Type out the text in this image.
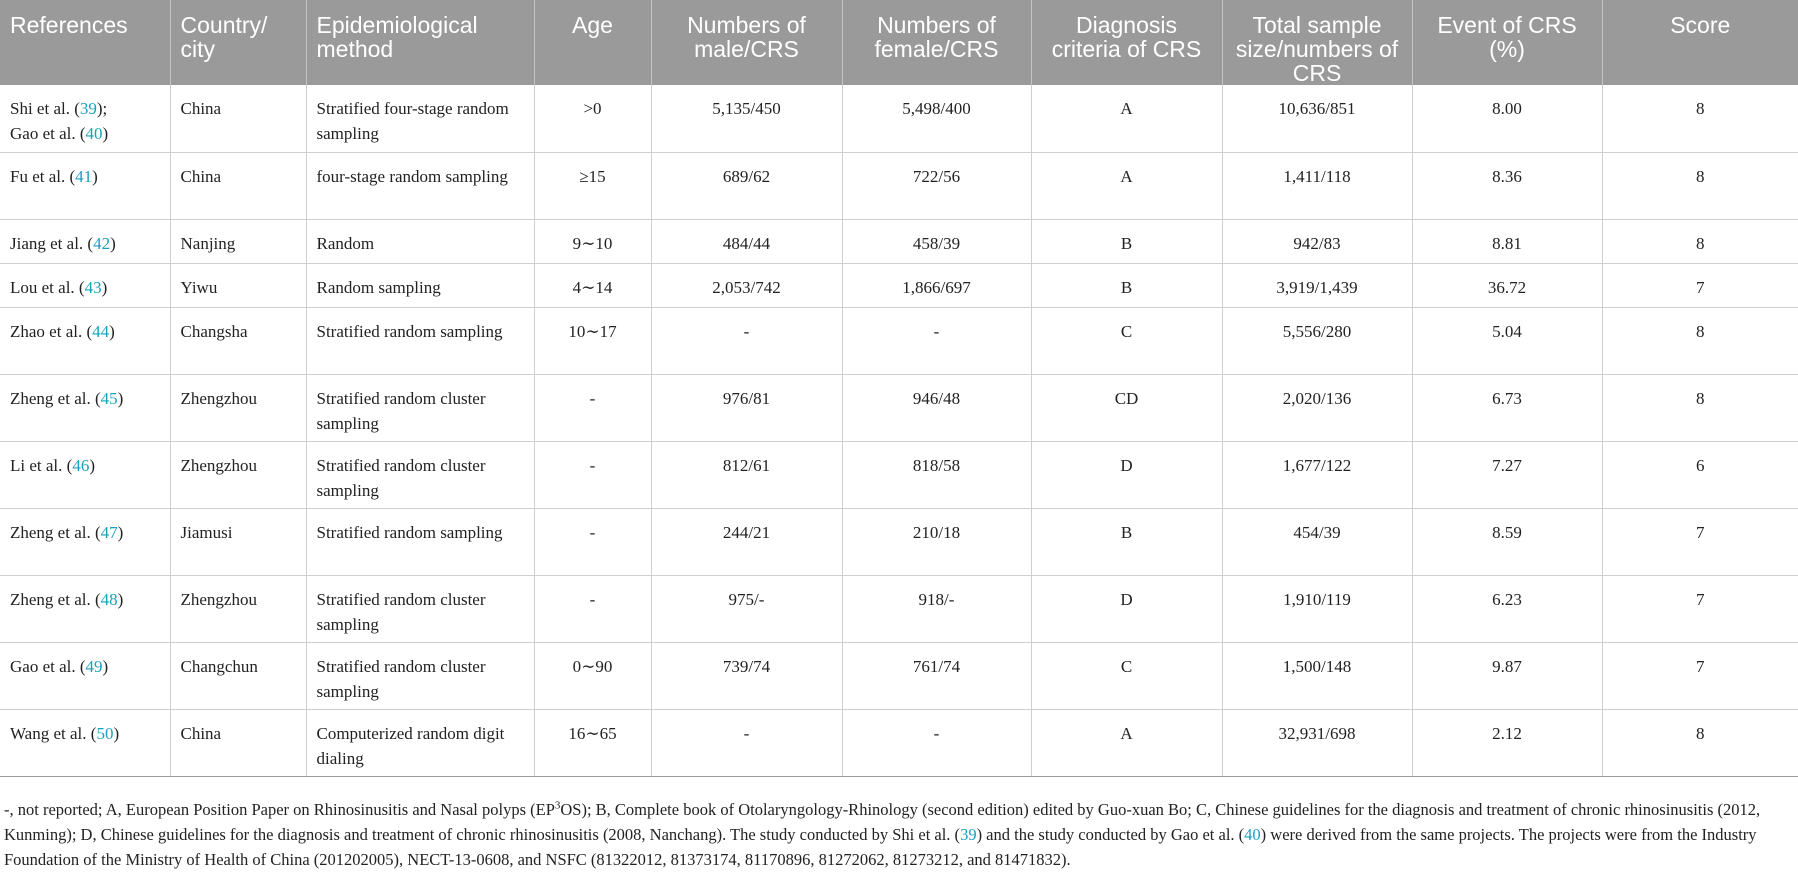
References	Country/ city	Epidemiological method	Age	Numbers of male/CRS	Numbers of female/CRS	Diagnosis criteria of CRS	Total sample size/numbers of CRS	Event of CRS (%)	Score
Shi et al. (39);
Gao et al. (40)	China	Stratified four-stage random sampling	>0	5,135/450	5,498/400	A	10,636/851	8.00	8
Fu et al. (41)	China	four-stage random sampling	≥15	689/62	722/56	A	1,411/118	8.36	8
Jiang et al. (42)	Nanjing	Random	9∼10	484/44	458/39	B	942/83	8.81	8
Lou et al. (43)	Yiwu	Random sampling	4∼14	2,053/742	1,866/697	B	3,919/1,439	36.72	7
Zhao et al. (44)	Changsha	Stratified random sampling	10∼17	-	-	C	5,556/280	5.04	8
Zheng et al. (45)	Zhengzhou	Stratified random cluster sampling	-	976/81	946/48	CD	2,020/136	6.73	8
Li et al. (46)	Zhengzhou	Stratified random cluster sampling	-	812/61	818/58	D	1,677/122	7.27	6
Zheng et al. (47)	Jiamusi	Stratified random sampling	-	244/21	210/18	B	454/39	8.59	7
Zheng et al. (48)	Zhengzhou	Stratified random cluster sampling	-	975/-	918/-	D	1,910/119	6.23	7
Gao et al. (49)	Changchun	Stratified random cluster sampling	0∼90	739/74	761/74	C	1,500/148	9.87	7
Wang et al. (50)	China	Computerized random digit dialing	16∼65	-	-	A	32,931/698	2.12	8
-, not reported; A, European Position Paper on Rhinosinusitis and Nasal polyps $(EP^3OS)$; B, Complete book of Otolaryngology-Rhinology (second edition) edited by Guo-xuan Bo; C, Chinese guidelines for the diagnosis and treatment of chronic rhinosinusitis (2012, Kunming); D, Chinese guidelines for the diagnosis and treatment of chronic rhinosinusitis (2008, Nanchang). The study conducted by Shi et al. (39) and the study conducted by Gao et al. (40) were derived from the same projects. The projects were from the Industry Foundation of the Ministry of Health of China (201202005), NECT-13-0608, and NSFC (81322012, 81373174, 81170896, 81272062, 81273212, and 81471832).
